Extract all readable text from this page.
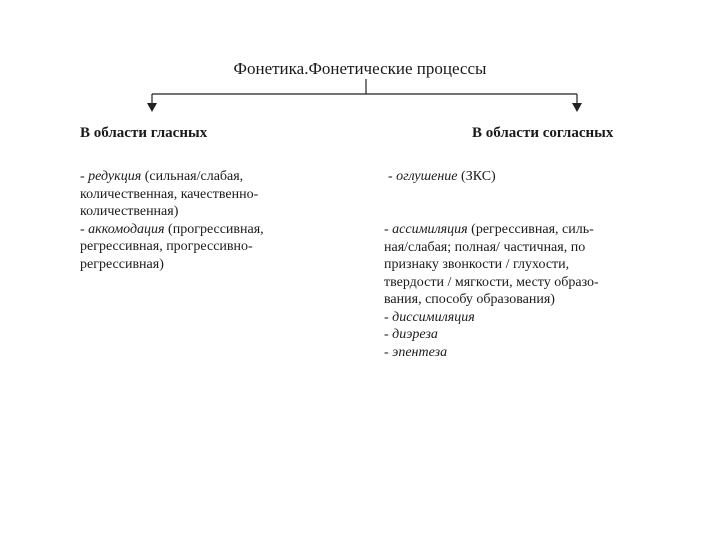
Фонетика.Фонетические процессы
В области гласных	В области согласных

- редукция (сильная/слабая,

количественная, качественно-

количественная)

- аккомодация (прогрессивная,

регрессивная, прогрессивно-

регрессивная)

- оглушение (ЗКС)

- ассимиляция (регрессивная, силь-

ная/слабая; полная/ частичная, по

признаку звонкости / глухости,

твердости / мягкости, месту образо-

вания, способу образования)

- диссимиляция

- диэреза

- эпентеза
